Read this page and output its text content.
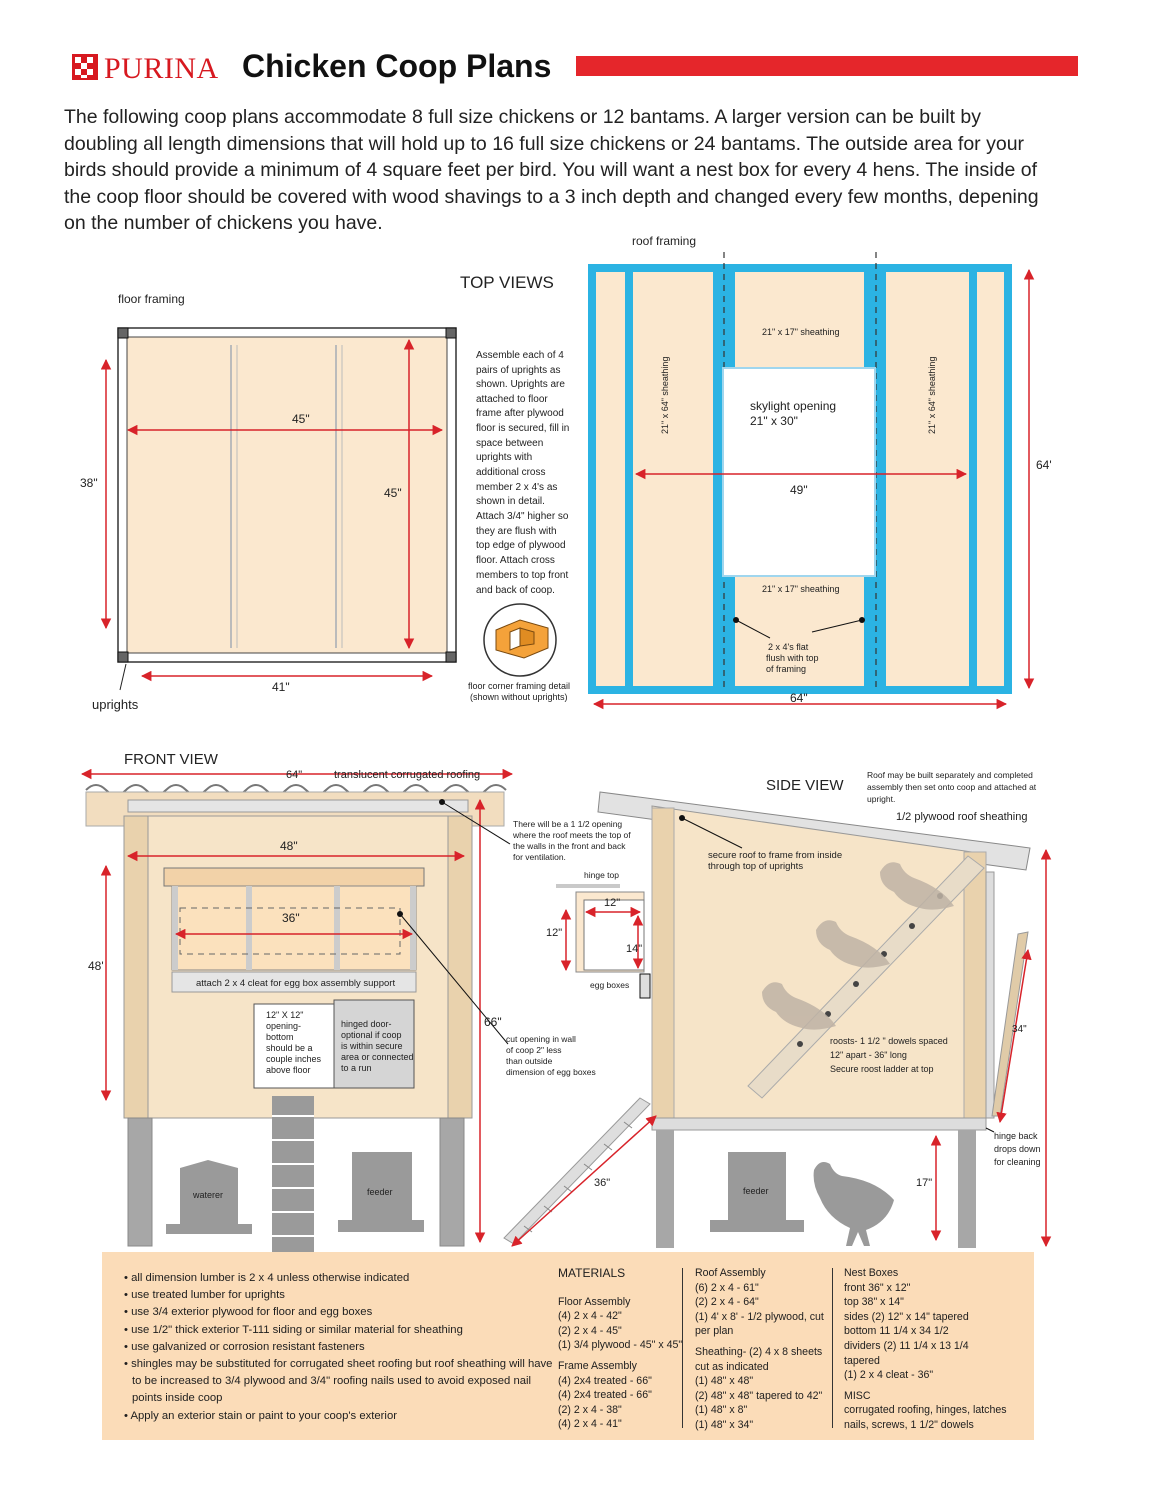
PURINA Chicken Coop Plans
The following coop plans accommodate 8 full size chickens or 12 bantams. A larger version can be built by doubling all length dimensions that will hold up to 16 full size chickens or 24 bantams. The outside area for your birds should provide a minimum of 4 square feet per bird. You will want a nest box for every 4 hens. The inside of the coop floor should be covered with wood shavings to a 3 inch depth and changed every few months, depening on the number of chickens you have.
TOP VIEWS
floor framing
45"
45"
38"
41"
uprights
Assemble each of 4 pairs of uprights as shown. Uprights are attached to floor frame after plywood floor is secured, fill in space between uprights with additional cross member 2 x 4's as shown in detail. Attach 3/4" higher so they are flush with top edge of plywood floor. Attach cross members to top front and back of coop.
floor corner framing detail (shown without uprights)
roof framing
21" x 64" sheathing	21" x 64" sheathing
21" x 17" sheathing
21" x 17" sheathing
skylight opening 21" x 30"
49"
64'
64"
2 x 4's flat flush with top of framing
FRONT VIEW
64"	translucent corrugated roofing
48"
36"
48'
66"
attach 2 x 4 cleat for egg box assembly support
12" X 12" opening- bottom should be a couple inches above floor
hinged door- optional if coop is within secure area or connected to a run
There will be a 1 1/2 opening where the roof meets the top of the walls in the front and back for ventilation.
cut opening in wall of coop 2" less than outside dimension of egg boxes
waterer	feeder
hinge top
12"
12"
14"
egg boxes
SIDE VIEW
Roof may be built separately and completed assembly then set onto coop and attached at upright.
1/2 plywood roof sheathing
secure roof to frame from inside through top of uprights
roosts- 1 1/2 " dowels spaced 12" apart - 36" long Secure roost ladder at top
34"
hinge back drops down for cleaning
17"
36"
feeder
• all dimension lumber is 2 x 4 unless otherwise indicated
• use treated lumber for uprights
• use 3/4 exterior plywood for floor and egg boxes
• use 1/2" thick exterior T-111 siding or similar material for sheathing
• use galvanized or corrosion resistant fasteners
• shingles may be substituted for corrugated sheet roofing but roof sheathing will have to be increased to 3/4 plywood and 3/4" roofing nails used to avoid exposed nail points inside coop
• Apply an exterior stain or paint to your coop's exterior
MATERIALS
Floor Assembly
(4) 2 x 4 - 42"
(2) 2 x 4 - 45"
(1) 3/4 plywood - 45" x 45"
Frame Assembly
(4) 2x4 treated - 66"
(4) 2x4 treated - 66"
(2) 2 x 4 - 38"
(4) 2 x 4 - 41"
Roof Assembly
(6) 2 x 4 - 61"
(2) 2 x 4 - 64"
(1) 4' x 8' - 1/2 plywood, cut
per plan
Sheathing- (2) 4 x 8 sheets
cut as indicated
(1) 48" x 48"
(2) 48" x 48" tapered to 42"
(1) 48" x 8"
(1) 48" x 34"
Nest Boxes
front 36" x 12"
top 38" x 14"
sides (2) 12" x 14" tapered
bottom 11 1/4 x 34 1/2
dividers (2) 11 1/4 x 13 1/4
tapered
(1) 2 x 4 cleat - 36"
MISC
corrugated roofing, hinges, latches
nails, screws, 1 1/2" dowels
